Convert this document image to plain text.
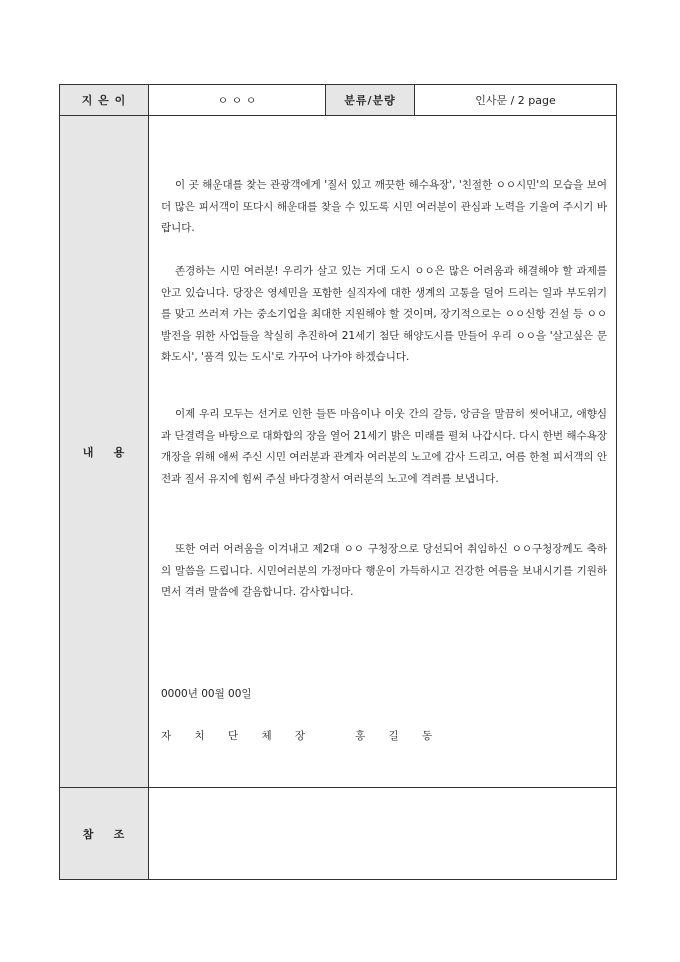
지 은 이	ㅇ ㅇ ㅇ	분류/분량	인사문 / 2 page
내    용

이 곳 해운대를 찾는 관광객에게 '질서 있고 깨끗한 해수욕장', '친절한 ㅇㅇ시민'의 모습을 보여 더 많은 피서객이 또다시 해운대를 찾을 수 있도록 시민 여러분이 관심과 노력을 기울여 주시기 바랍니다.

존경하는 시민 여러분! 우리가 살고 있는 거대 도시 ㅇㅇ은 많은 어려움과 해결해야 할 과제를 안고 있습니다. 당장은 영세민을 포함한 실직자에 대한 생계의 고통을 덜어 드리는 일과 부도위기를 맞고 쓰러져 가는 중소기업을 최대한 지원해야 할 것이며, 장기적으로는 ㅇㅇ신항 건설 등 ㅇㅇ 발전을 위한 사업들을 착실히 추진하여 21세기 첨단 해양도시를 만들어 우리 ㅇㅇ을 '살고싶은 문화도시', '품격 있는 도시'로 가꾸어 나가야 하겠습니다.

이제 우리 모두는 선거로 인한 들뜬 마음이나 이웃 간의 갈등, 앙금을 말끔히 씻어내고, 애향심과 단결력을 바탕으로 대화합의 장을 열어 21세기 밝은 미래를 펼쳐 나갑시다. 다시 한번 해수욕장 개장을 위해 애써 주신 시민 여러분과 관계자 여러분의 노고에 감사 드리고, 여름 한철 피서객의 안전과 질서 유지에 힘써 주실 바다경찰서 여러분의 노고에 격려를 보냅니다.

또한 여러 어려움을 이겨내고 제2대 ㅇㅇ 구청장으로 당선되어 취임하신 ㅇㅇ구청장께도 축하의 말씀을 드립니다. 시민여러분의 가정마다 행운이 가득하시고 건강한 여름을 보내시기를 기원하면서 격려 말씀에 갈음합니다. 감사합니다.

0000년 00월 00일

자 치 단 체 장   홍 길 동

참    조
